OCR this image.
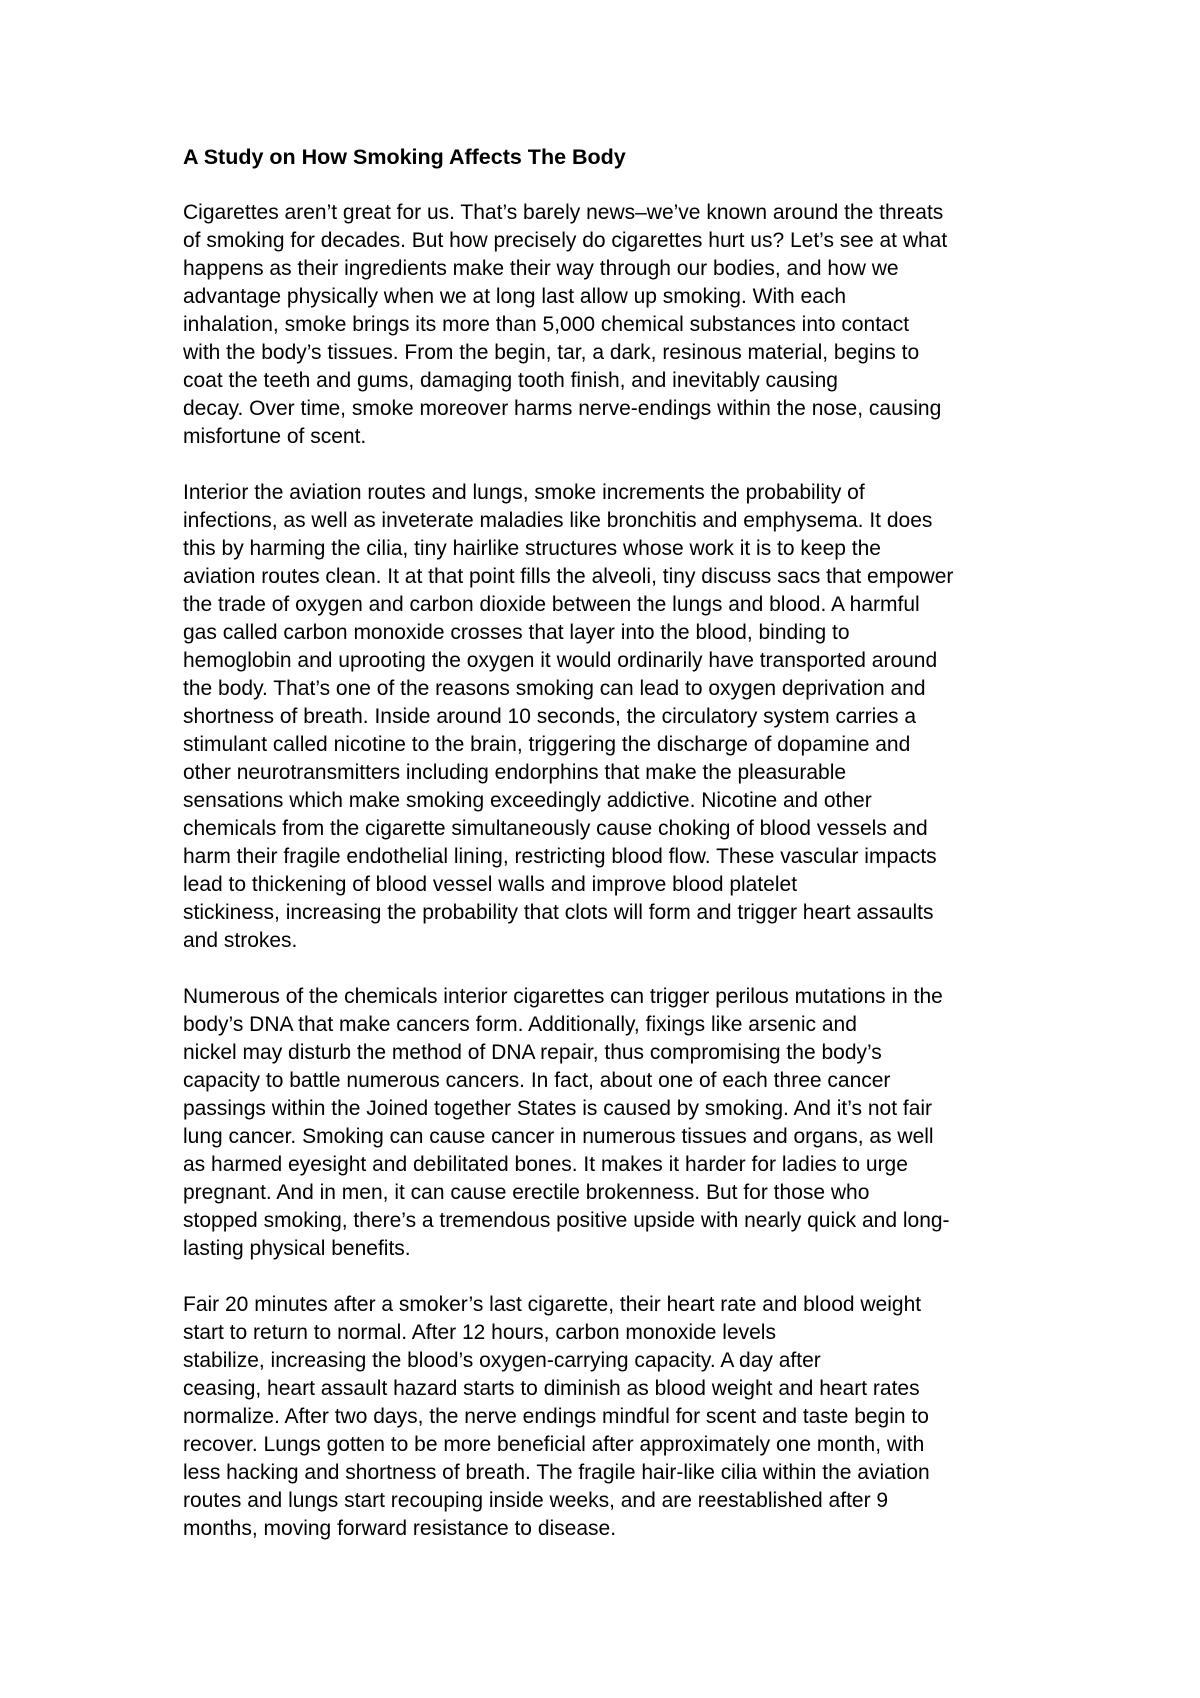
A Study on How Smoking Affects The Body
Cigarettes aren’t great for us. That’s barely news–we’ve known around the threats
of smoking for decades. But how precisely do cigarettes hurt us? Let’s see at what
happens as their ingredients make their way through our bodies, and how we
advantage physically when we at long last allow up smoking. With each
inhalation, smoke brings its more than 5,000 chemical substances into contact
with the body’s tissues. From the begin, tar, a dark, resinous material, begins to
coat the teeth and gums, damaging tooth finish, and inevitably causing
decay. Over time, smoke moreover harms nerve-endings within the nose, causing
misfortune of scent.
Interior the aviation routes and lungs, smoke increments the probability of
infections, as well as inveterate maladies like bronchitis and emphysema. It does
this by harming the cilia, tiny hairlike structures whose work it is to keep the
aviation routes clean. It at that point fills the alveoli, tiny discuss sacs that empower
the trade of oxygen and carbon dioxide between the lungs and blood. A harmful
gas called carbon monoxide crosses that layer into the blood, binding to
hemoglobin and uprooting the oxygen it would ordinarily have transported around
the body. That’s one of the reasons smoking can lead to oxygen deprivation and
shortness of breath. Inside around 10 seconds, the circulatory system carries a
stimulant called nicotine to the brain, triggering the discharge of dopamine and
other neurotransmitters including endorphins that make the pleasurable
sensations which make smoking exceedingly addictive. Nicotine and other
chemicals from the cigarette simultaneously cause choking of blood vessels and
harm their fragile endothelial lining, restricting blood flow. These vascular impacts
lead to thickening of blood vessel walls and improve blood platelet
stickiness, increasing the probability that clots will form and trigger heart assaults
and strokes.
Numerous of the chemicals interior cigarettes can trigger perilous mutations in the
body’s DNA that make cancers form. Additionally, fixings like arsenic and
nickel may disturb the method of DNA repair, thus compromising the body’s
capacity to battle numerous cancers. In fact, about one of each three cancer
passings within the Joined together States is caused by smoking. And it’s not fair
lung cancer. Smoking can cause cancer in numerous tissues and organs, as well
as harmed eyesight and debilitated bones. It makes it harder for ladies to urge
pregnant. And in men, it can cause erectile brokenness. But for those who
stopped smoking, there’s a tremendous positive upside with nearly quick and long-
lasting physical benefits.
Fair 20 minutes after a smoker’s last cigarette, their heart rate and blood weight
start to return to normal. After 12 hours, carbon monoxide levels
stabilize, increasing the blood’s oxygen-carrying capacity. A day after
ceasing, heart assault hazard starts to diminish as blood weight and heart rates
normalize. After two days, the nerve endings mindful for scent and taste begin to
recover. Lungs gotten to be more beneficial after approximately one month, with
less hacking and shortness of breath. The fragile hair-like cilia within the aviation
routes and lungs start recouping inside weeks, and are reestablished after 9
months, moving forward resistance to disease.
